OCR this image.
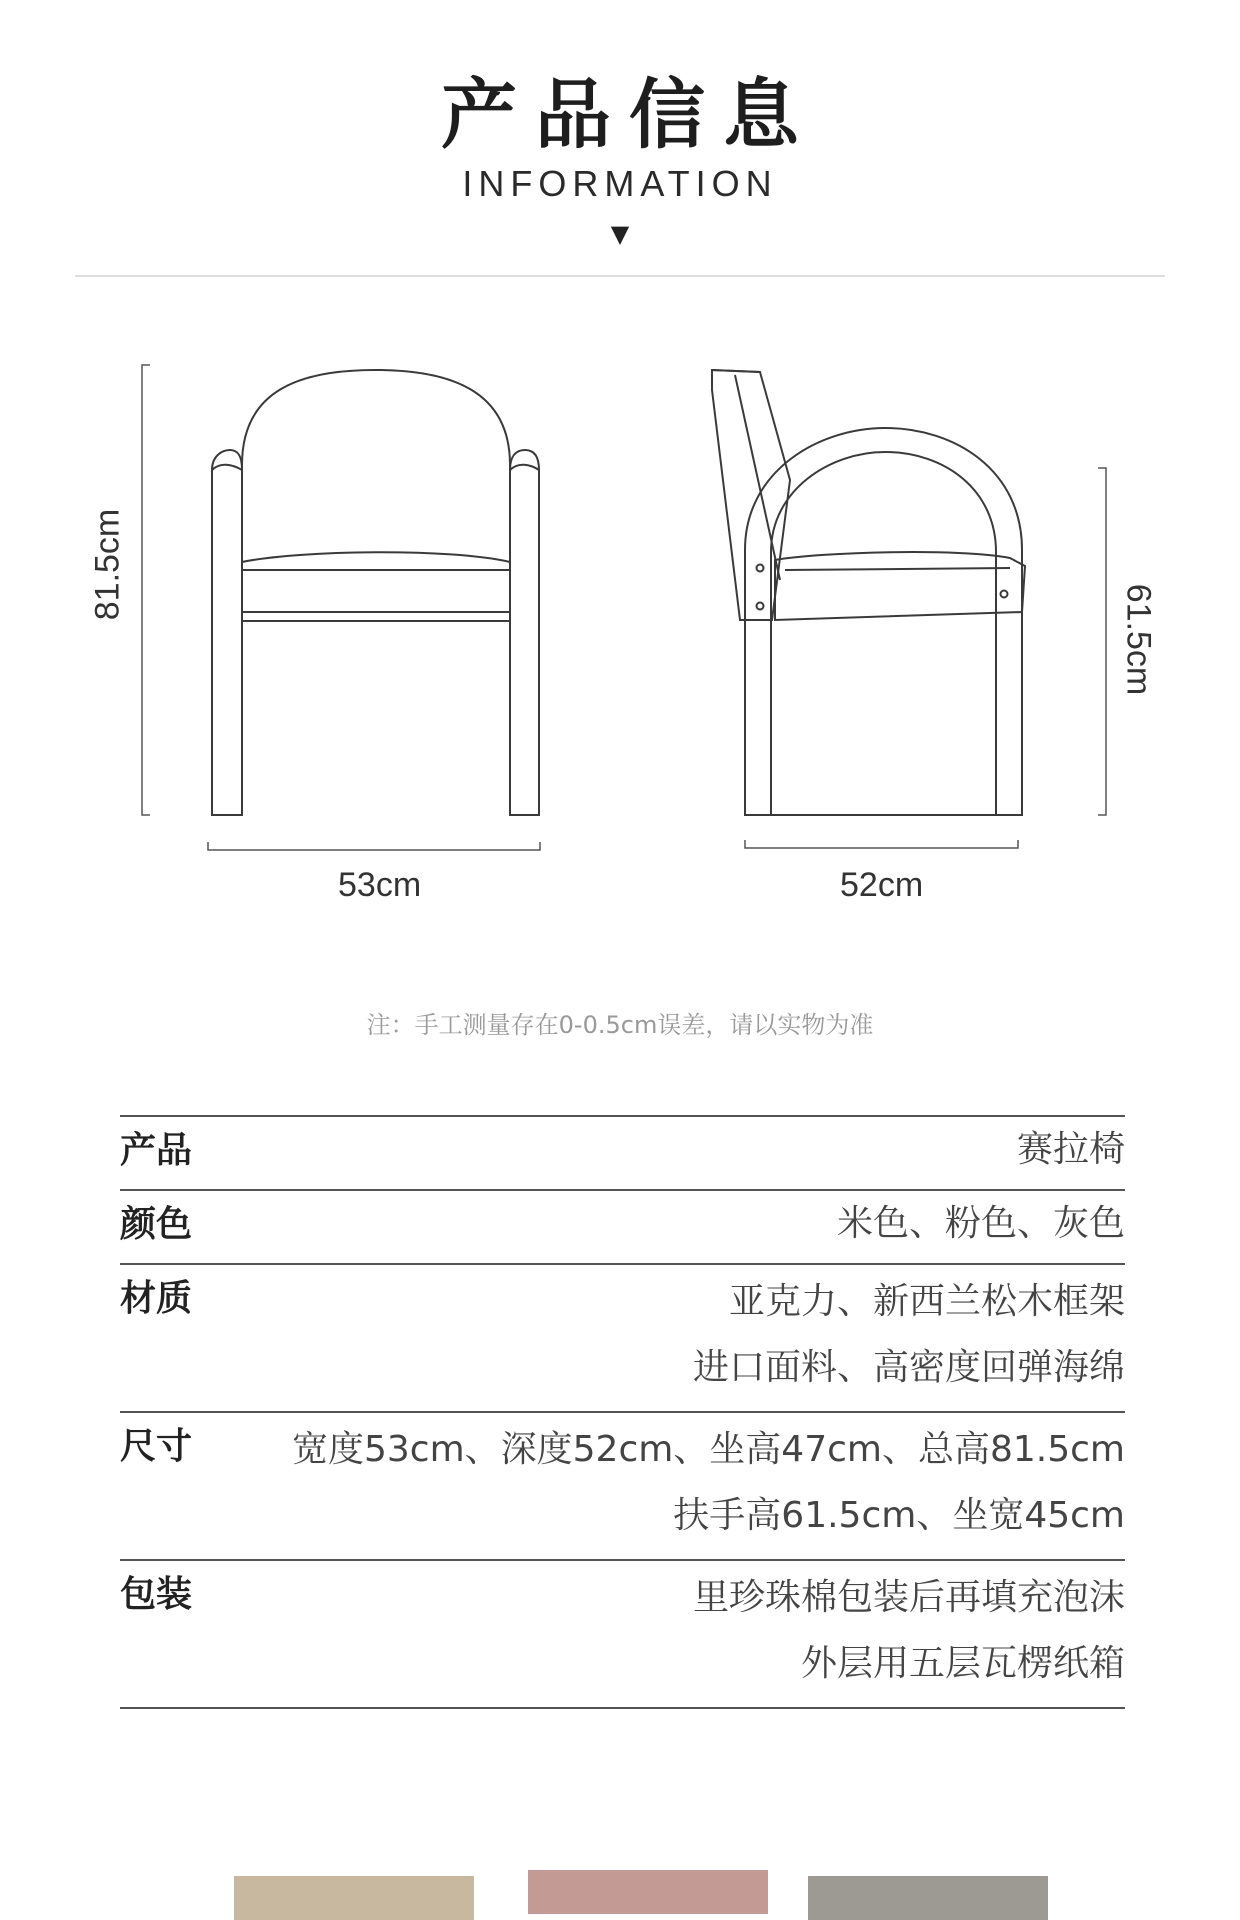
产品信息
INFORMATION
▼
81.5cm
53cm	52cm
61.5cm
注：手工测量存在0-0.5cm误差，请以实物为准
产品	赛拉椅
颜色	米色、粉色、灰色
材质	亚克力、新西兰松木框架
进口面料、高密度回弹海绵
尺寸	宽度53cm、深度52cm、坐高47cm、总高81.5cm
扶手高61.5cm、坐宽45cm
包装	里珍珠棉包装后再填充泡沫
外层用五层瓦楞纸箱
